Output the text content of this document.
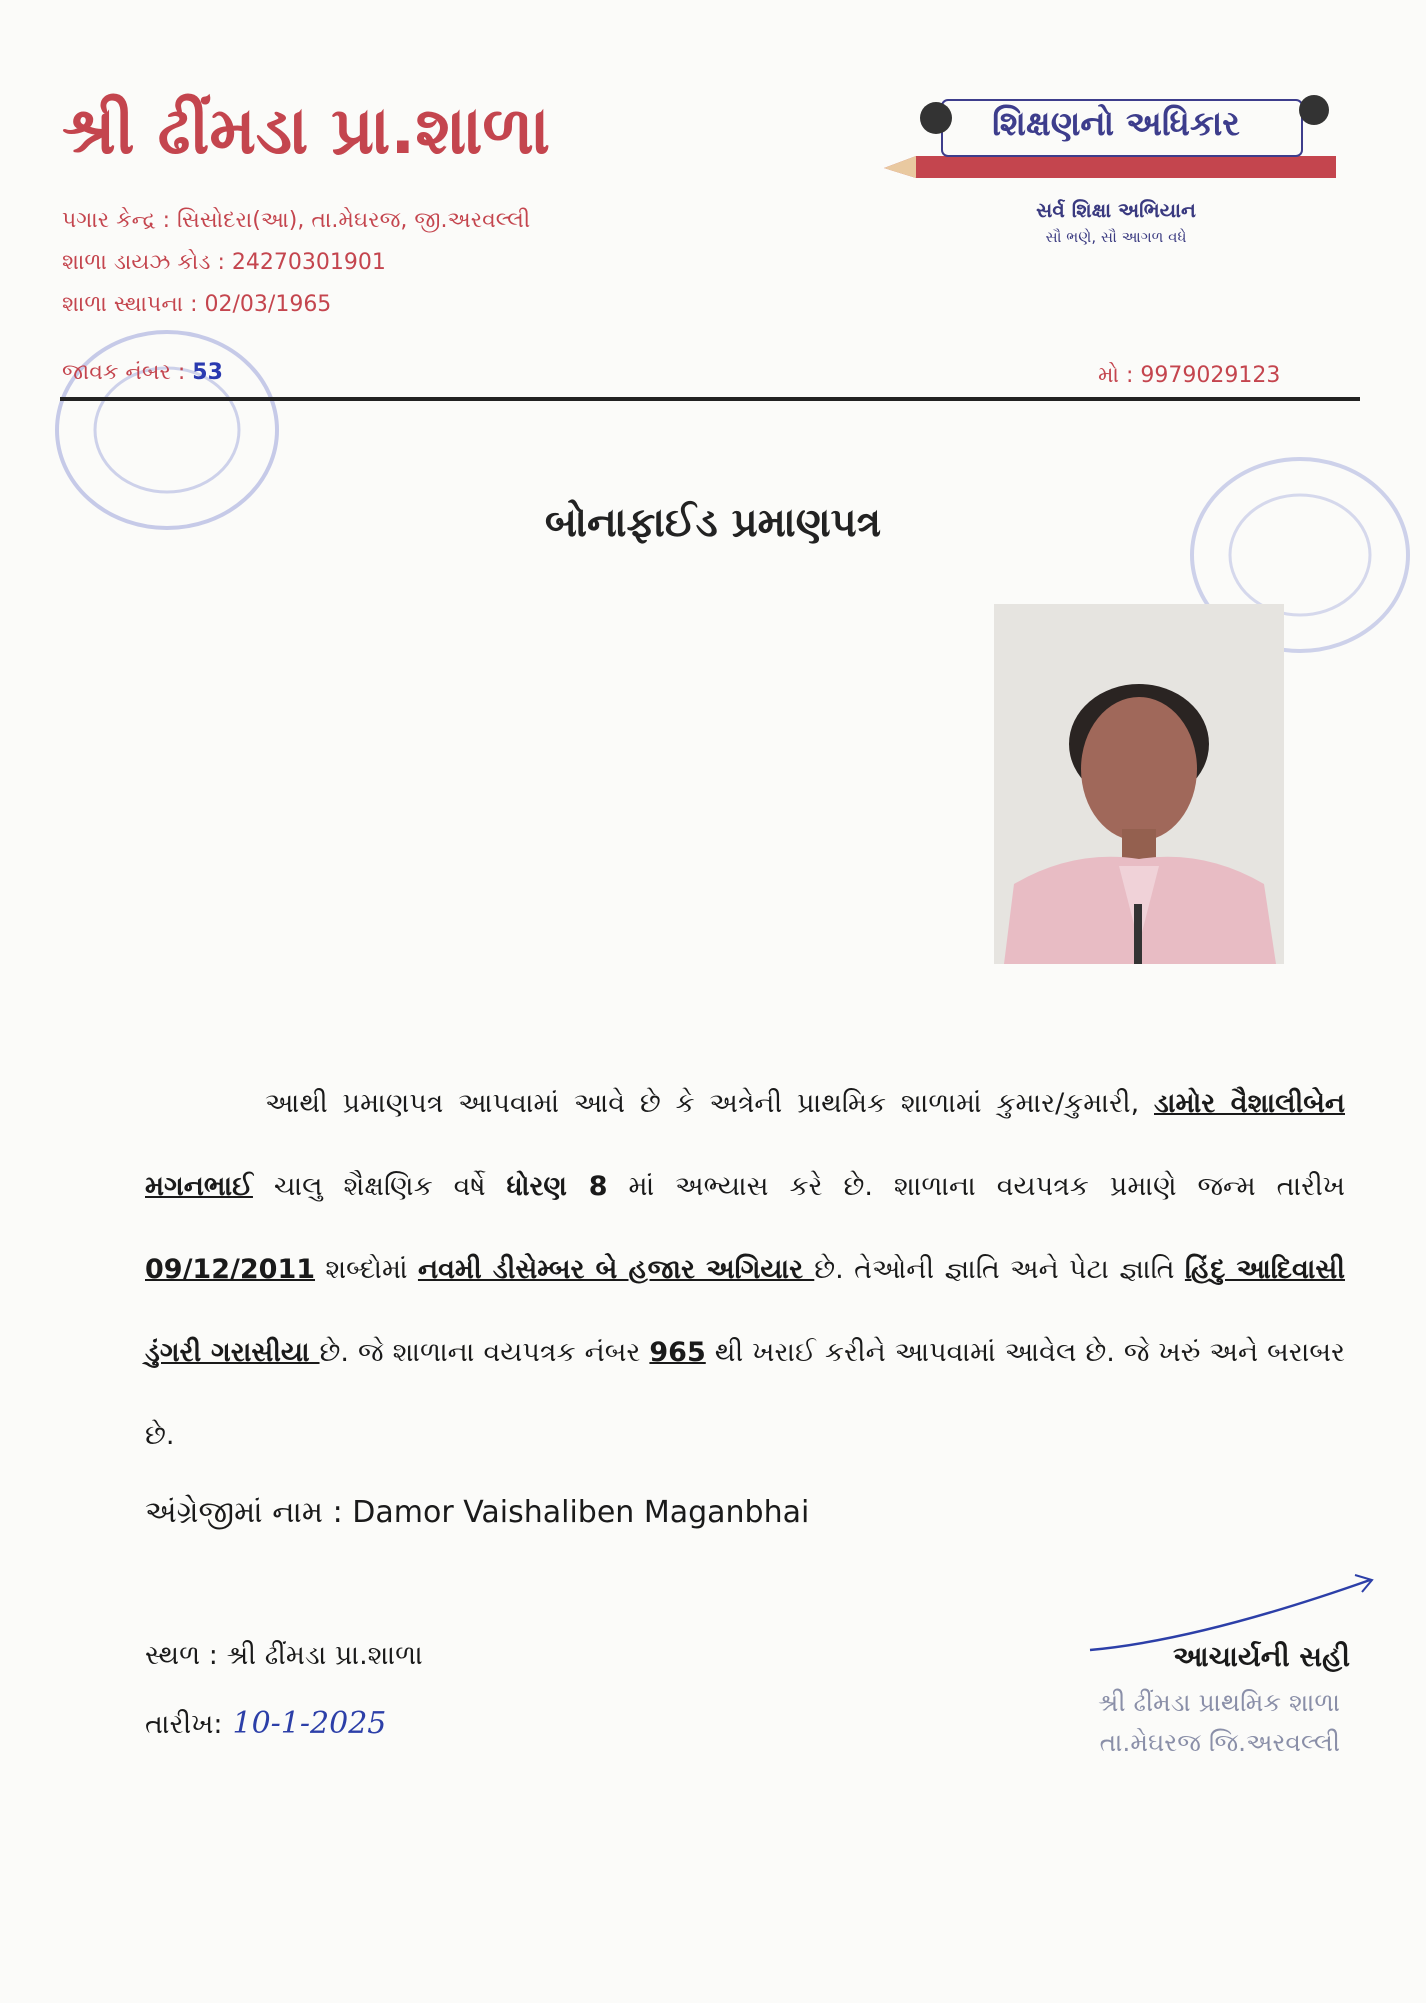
શ્રી ઢીંમડા પ્રા.શાળા
પગાર કેન્દ્ર : સિસોદરા(આ), તા.મેઘરજ, જી.અરવલ્લી
શાળા ડાયઝ કોડ : 24270301901
શાળા સ્થાપના : 02/03/1965
જાવક નંબર : 53	મો : 9979029123
શિક્ષણનો અધિકાર
સર્વ શિક્ષા અભિયાન
સૌ ભણે, સૌ આગળ વધે
બોનાફાઈડ પ્રમાણપત્ર

આથી પ્રમાણપત્ર આપવામાં આવે છે કે અત્રેની પ્રાથમિક શાળામાં કુમાર/કુમારી, ડામોર વૈશાલીબેન મગનભાઈ ચાલુ શૈક્ષણિક વર્ષે ધોરણ 8 માં અભ્યાસ કરે છે. શાળાના વયપત્રક પ્રમાણે જન્મ તારીખ 09/12/2011 શબ્દોમાં નવમી ડીસેમ્બર બે હજાર અગિયાર છે. તેઓની જ્ઞાતિ અને પેટા જ્ઞાતિ હિંદુ આદિવાસી ડુંગરી ગરાસીયા છે. જે શાળાના વયપત્રક નંબર 965 થી ખરાઈ કરીને આપવામાં આવેલ છે. જે ખરું અને બરાબર છે.

અંગ્રેજીમાં નામ : Damor Vaishaliben Maganbhai
સ્થળ : શ્રી ઢીંમડા પ્રા.શાળા
તારીખ: 10-1-2025
આચાર્યની સહી
શ્રી ઢીંમડા પ્રાથમિક શાળા
તા.મેઘરજ જિ.અરવલ્લી
